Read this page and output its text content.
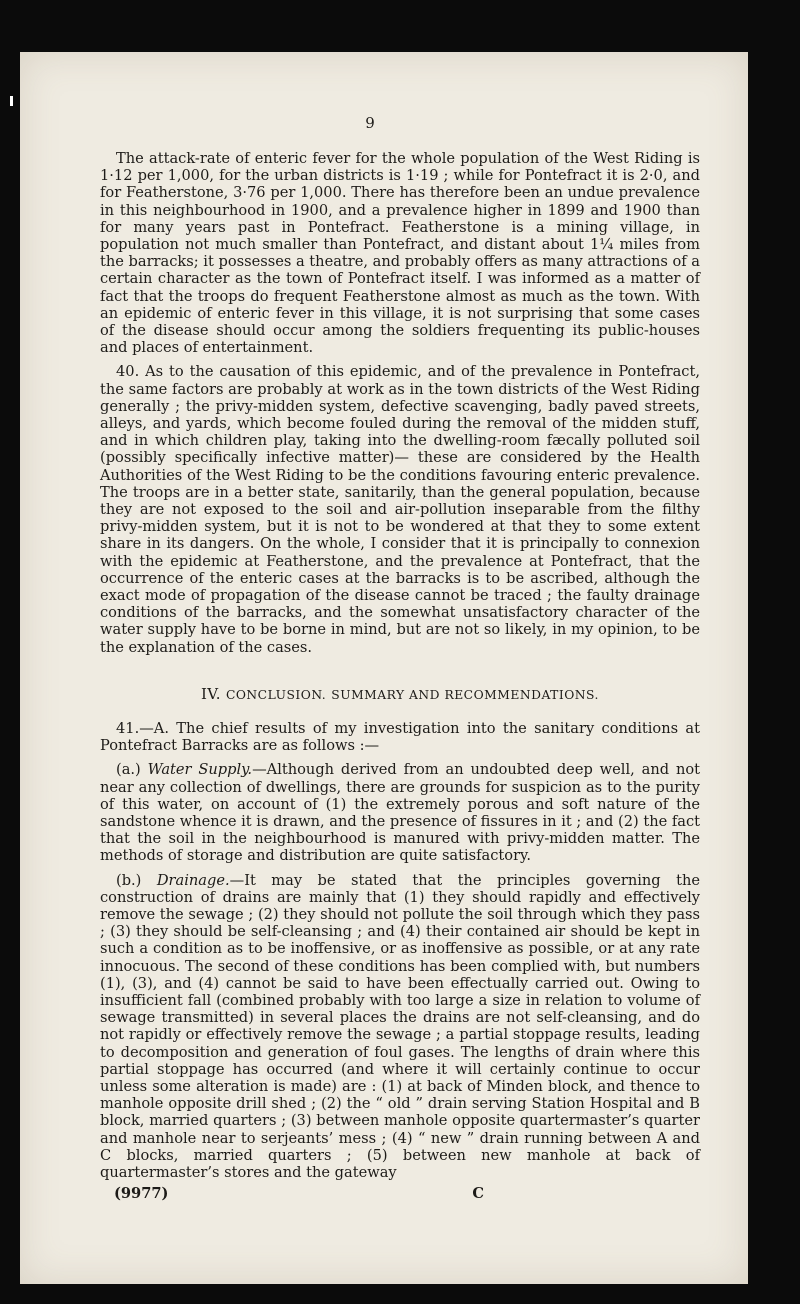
9

The attack-rate of enteric fever for the whole population of the West Riding is 1·12 per 1,000, for the urban districts is 1·19 ; while for Pontefract it is 2·0, and for Featherstone, 3·76 per 1,000. There has therefore been an undue prevalence in this neighbourhood in 1900, and a prevalence higher in 1899 and 1900 than for many years past in Pontefract. Featherstone is a mining village, in population not much smaller than Pontefract, and distant about 1¼ miles from the barracks; it possesses a theatre, and probably offers as many attractions of a certain character as the town of Pontefract itself. I was informed as a matter of fact that the troops do frequent Featherstone almost as much as the town. With an epidemic of enteric fever in this village, it is not surprising that some cases of the disease should occur among the soldiers frequenting its public-houses and places of entertainment.

40. As to the causation of this epidemic, and of the prevalence in Pontefract, the same factors are probably at work as in the town districts of the West Riding generally ; the privy-midden system, defective scavenging, badly paved streets, alleys, and yards, which become fouled during the removal of the midden stuff, and in which children play, taking into the dwelling-room fæcally polluted soil (possibly specifically infective matter)— these are considered by the Health Authorities of the West Riding to be the conditions favouring enteric prevalence. The troops are in a better state, sanitarily, than the general population, because they are not exposed to the soil and air-pollution inseparable from the filthy privy-midden system, but it is not to be wondered at that they to some extent share in its dangers. On the whole, I consider that it is principally to connexion with the epidemic at Featherstone, and the prevalence at Pontefract, that the occurrence of the enteric cases at the barracks is to be ascribed, although the exact mode of propagation of the disease cannot be traced ; the faulty drainage conditions of the barracks, and the somewhat unsatisfactory character of the water supply have to be borne in mind, but are not so likely, in my opinion, to be the explanation of the cases.

IV. CONCLUSION. SUMMARY AND RECOMMENDATIONS.

41.—A. The chief results of my investigation into the sanitary conditions at Pontefract Barracks are as follows :—

(a.) Water Supply.—Although derived from an undoubted deep well, and not near any collection of dwellings, there are grounds for suspicion as to the purity of this water, on account of (1) the extremely porous and soft nature of the sandstone whence it is drawn, and the presence of fissures in it ; and (2) the fact that the soil in the neighbourhood is manured with privy-midden matter. The methods of storage and distribution are quite satisfactory.

(b.) Drainage.—It may be stated that the principles governing the construction of drains are mainly that (1) they should rapidly and effectively remove the sewage ; (2) they should not pollute the soil through which they pass ; (3) they should be self-cleansing ; and (4) their contained air should be kept in such a condition as to be inoffensive, or as inoffensive as possible, or at any rate innocuous. The second of these conditions has been complied with, but numbers (1), (3), and (4) cannot be said to have been effectually carried out. Owing to insufficient fall (combined probably with too large a size in relation to volume of sewage transmitted) in several places the drains are not self-cleansing, and do not rapidly or effectively remove the sewage ; a partial stoppage results, leading to decomposition and generation of foul gases. The lengths of drain where this partial stoppage has occurred (and where it will certainly continue to occur unless some alteration is made) are : (1) at back of Minden block, and thence to manhole opposite drill shed ; (2) the “ old ” drain serving Station Hospital and B block, married quarters ; (3) between manhole opposite quartermaster’s quarter and manhole near to serjeants’ mess ; (4) “ new ” drain running between A and C blocks, married quarters ; (5) between new manhole at back of quartermaster’s stores and the gateway

(9977)	C
